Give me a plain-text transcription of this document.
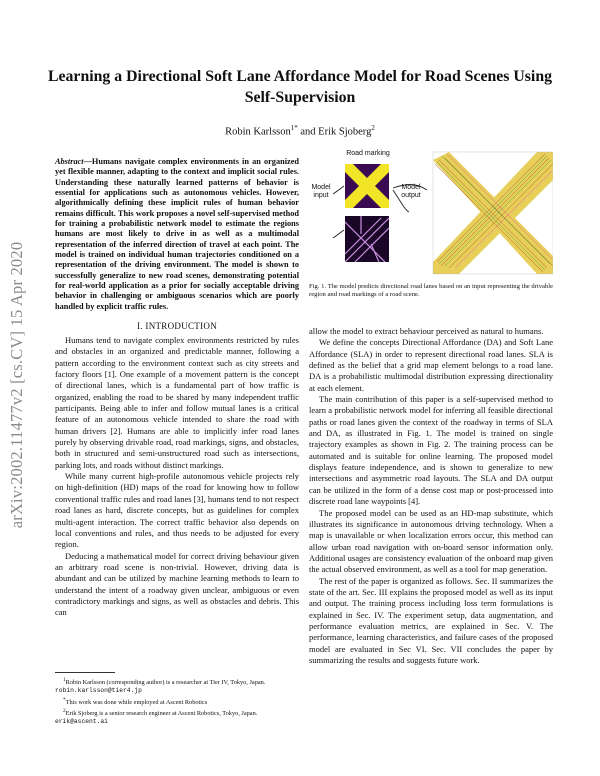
arXiv:2002.11477v2 [cs.CV] 15 Apr 2020
Learning a Directional Soft Lane Affordance Model for Road Scenes Using Self-Supervision
Robin Karlsson$^{1*}$ and Erik Sjoberg$^2$
Abstract—Humans navigate complex environments in an organized yet flexible manner, adapting to the context and implicit social rules. Understanding these naturally learned patterns of behavior is essential for applications such as autonomous vehicles. However, algorithmically defining these implicit rules of human behavior remains difficult. This work proposes a novel self-supervised method for training a probabilistic network model to estimate the regions humans are most likely to drive in as well as a multimodal representation of the inferred direction of travel at each point. The model is trained on individual human trajectories conditioned on a representation of the driving environment. The model is shown to successfully generalize to new road scenes, demonstrating potential for real-world application as a prior for socially acceptable driving behavior in challenging or ambiguous scenarios which are poorly handled by explicit traffic rules.
I. INTRODUCTION

Humans tend to navigate complex environments restricted by rules and obstacles in an organized and predictable manner, following a pattern according to the environment context such as city streets and factory floors [1]. One example of a movement pattern is the concept of directional lanes, which is a fundamental part of how traffic is organized, enabling the road to be shared by many independent traffic participants. Being able to infer and follow mutual lanes is a critical feature of an autonomous vehicle intended to share the road with human drivers [2]. Humans are able to implicitly infer road lanes purely by observing drivable road, road markings, signs, and obstacles, both in structured and semi-unstructured road such as intersections, parking lots, and roads without distinct markings.

While many current high-profile autonomous vehicle projects rely on high-definition (HD) maps of the road for knowing how to follow conventional traffic rules and road lanes [3], humans tend to not respect road lanes as hard, discrete concepts, but as guidelines for complex multi-agent interaction. The correct traffic behavior also depends on local conventions and rules, and thus needs to be adjusted for every region.

Deducing a mathematical model for correct driving behaviour given an arbitrary road scene is non-trivial. However, driving data is abundant and can be utilized by machine learning methods to learn to understand the intent of a roadway given unclear, ambiguous or even contradictory markings and signs, as well as obstacles and debris. This can

$^1$Robin Karlsson (corresponding author) is a researcher at Tier IV, Tokyo, Japan. robin.karlsson@tier4.jp

*This work was done while employed at Ascent Robotics

$^2$Erik Sjoberg is a senior research engineer at Ascent Robotics, Tokyo, Japan. erik@ascent.ai

Road marking
Model input
Model output
Fig. 1. The model predicts directional road lanes based on an input representing the drivable region and road markings of a road scene.

allow the model to extract behaviour perceived as natural to humans.

We define the concepts Directional Affordance (DA) and Soft Lane Affordance (SLA) in order to represent directional road lanes. SLA is defined as the belief that a grid map element belongs to a road lane. DA is a probabilistic multimodal distribution expressing directionality at each element.

The main contribution of this paper is a self-supervised method to learn a probabilistic network model for inferring all feasible directional paths or road lanes given the context of the roadway in terms of SLA and DA, as illustrated in Fig. 1. The model is trained on single trajectory examples as shown in Fig. 2. The training process can be automated and is suitable for online learning. The proposed model displays feature independence, and is shown to generalize to new intersections and asymmetric road layouts. The SLA and DA output can be utilized in the form of a dense cost map or post-processed into discrete road lane waypoints [4].

The proposed model can be used as an HD-map substitute, which illustrates its significance in autonomous driving technology. When a map is unavailable or when localization errors occur, this method can allow urban road navigation with on-board sensor information only. Additional usages are consistency evaluation of the onboard map given the actual observed environment, as well as a tool for map generation.

The rest of the paper is organized as follows. Sec. II summarizes the state of the art. Sec. III explains the proposed model as well as its input and output. The training process including loss term formulations is explained in Sec. IV. The experiment setup, data augmentation, and performance evaluation metrics, are explained in Sec. V. The performance, learning characteristics, and failure cases of the proposed model are evaluated in Sec VI. Sec. VII concludes the paper by summarizing the results and suggests future work.
